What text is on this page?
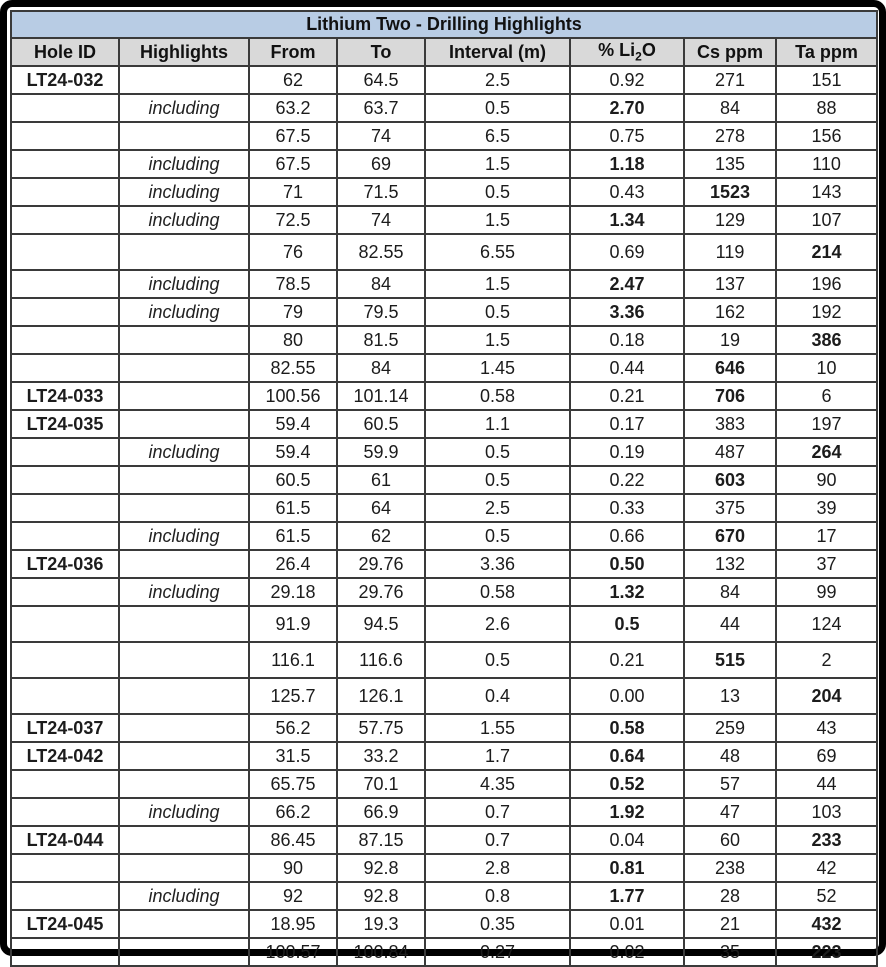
Lithium Two - Drilling Highlights							
Hole ID	Highlights	From	To	Interval (m)	% $Li_2O$	Cs ppm	Ta ppm
LT24-032		62	64.5	2.5	0.92	271	151
	including	63.2	63.7	0.5	2.70	84	88
		67.5	74	6.5	0.75	278	156
	including	67.5	69	1.5	1.18	135	110
	including	71	71.5	0.5	0.43	1523	143
	including	72.5	74	1.5	1.34	129	107
		76	82.55	6.55	0.69	119	214
	including	78.5	84	1.5	2.47	137	196
	including	79	79.5	0.5	3.36	162	192
		80	81.5	1.5	0.18	19	386
		82.55	84	1.45	0.44	646	10
LT24-033		100.56	101.14	0.58	0.21	706	6
LT24-035		59.4	60.5	1.1	0.17	383	197
	including	59.4	59.9	0.5	0.19	487	264
		60.5	61	0.5	0.22	603	90
		61.5	64	2.5	0.33	375	39
	including	61.5	62	0.5	0.66	670	17
LT24-036		26.4	29.76	3.36	0.50	132	37
	including	29.18	29.76	0.58	1.32	84	99
		91.9	94.5	2.6	0.5	44	124
		116.1	116.6	0.5	0.21	515	2
		125.7	126.1	0.4	0.00	13	204
LT24-037		56.2	57.75	1.55	0.58	259	43
LT24-042		31.5	33.2	1.7	0.64	48	69
		65.75	70.1	4.35	0.52	57	44
	including	66.2	66.9	0.7	1.92	47	103
LT24-044		86.45	87.15	0.7	0.04	60	233
		90	92.8	2.8	0.81	238	42
	including	92	92.8	0.8	1.77	28	52
LT24-045		18.95	19.3	0.35	0.01	21	432
		100.57	100.84	0.27	0.02	35	223
